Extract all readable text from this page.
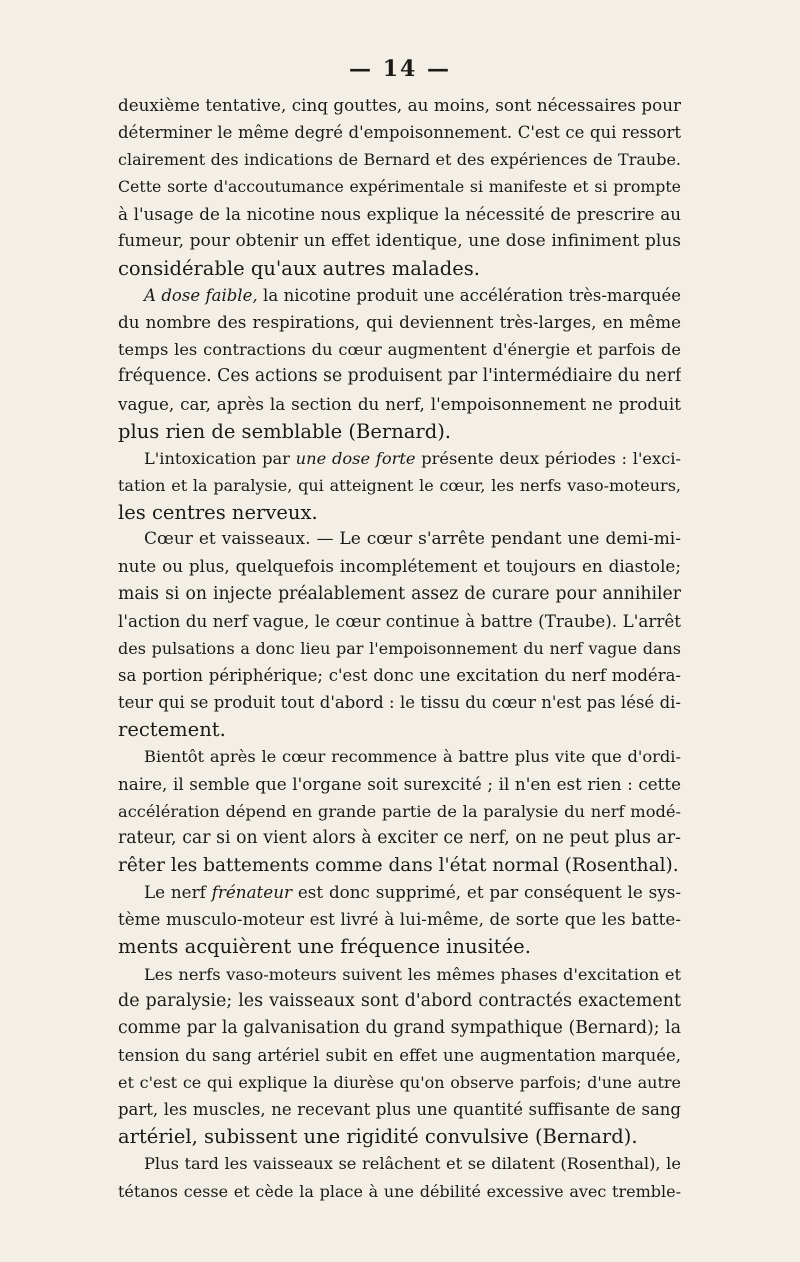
— 14 —
deuxième tentative, cinq gouttes, au moins, sont nécessaires pour
déterminer le même degré d'empoisonnement. C'est ce qui ressort
clairement des indications de Bernard et des expériences de Traube.
Cette sorte d'accoutumance expérimentale si manifeste et si prompte
à l'usage de la nicotine nous explique la nécessité de prescrire au
fumeur, pour obtenir un effet identique, une dose infiniment plus
considérable qu'aux autres malades.
A dose faible, la nicotine produit une accélération très-marquée
du nombre des respirations, qui deviennent très-larges, en même
temps les contractions du cœur augmentent d'énergie et parfois de
fréquence. Ces actions se produisent par l'intermédiaire du nerf
vague, car, après la section du nerf, l'empoisonnement ne produit
plus rien de semblable (Bernard).
L'intoxication par une dose forte présente deux périodes : l'exci-
tation et la paralysie, qui atteignent le cœur, les nerfs vaso-moteurs,
les centres nerveux.
Cœur et vaisseaux. — Le cœur s'arrête pendant une demi-mi-
nute ou plus, quelquefois incomplétement et toujours en diastole;
mais si on injecte préalablement assez de curare pour annihiler
l'action du nerf vague, le cœur continue à battre (Traube). L'arrêt
des pulsations a donc lieu par l'empoisonnement du nerf vague dans
sa portion périphérique; c'est donc une excitation du nerf modéra-
teur qui se produit tout d'abord : le tissu du cœur n'est pas lésé di-
rectement.
Bientôt après le cœur recommence à battre plus vite que d'ordi-
naire, il semble que l'organe soit surexcité ; il n'en est rien : cette
accélération dépend en grande partie de la paralysie du nerf modé-
rateur, car si on vient alors à exciter ce nerf, on ne peut plus ar-
rêter les battements comme dans l'état normal (Rosenthal).
Le nerf frénateur est donc supprimé, et par conséquent le sys-
tème musculo-moteur est livré à lui-même, de sorte que les batte-
ments acquièrent une fréquence inusitée.
Les nerfs vaso-moteurs suivent les mêmes phases d'excitation et
de paralysie; les vaisseaux sont d'abord contractés exactement
comme par la galvanisation du grand sympathique (Bernard); la
tension du sang artériel subit en effet une augmentation marquée,
et c'est ce qui explique la diurèse qu'on observe parfois; d'une autre
part, les muscles, ne recevant plus une quantité suffisante de sang
artériel, subissent une rigidité convulsive (Bernard).
Plus tard les vaisseaux se relâchent et se dilatent (Rosenthal), le
tétanos cesse et cède la place à une débilité excessive avec tremble-
